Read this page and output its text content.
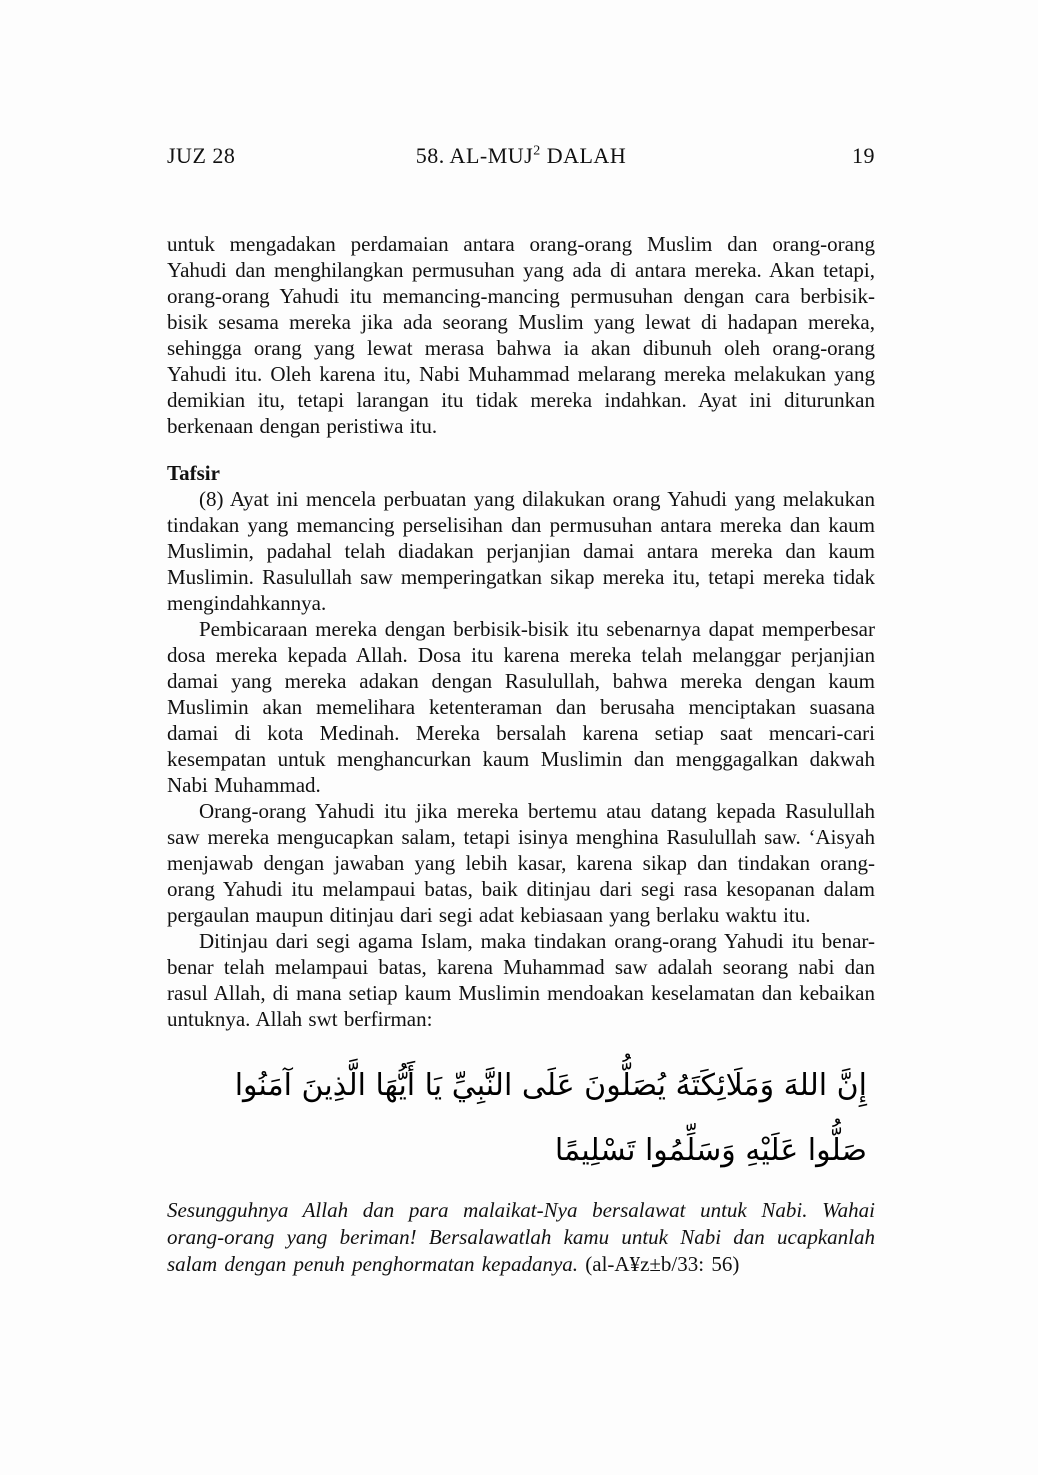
JUZ 28	58. AL-MUJ$^2$ DALAH	19

untuk mengadakan perdamaian antara orang-orang Muslim dan orang-orang Yahudi dan menghilangkan permusuhan yang ada di antara mereka. Akan tetapi, orang-orang Yahudi itu memancing-mancing permusuhan dengan cara berbisik-bisik sesama mereka jika ada seorang Muslim yang lewat di hadapan mereka, sehingga orang yang lewat merasa bahwa ia akan dibunuh oleh orang-orang Yahudi itu. Oleh karena itu, Nabi Muhammad melarang mereka melakukan yang demikian itu, tetapi larangan itu tidak mereka indahkan. Ayat ini diturunkan berkenaan dengan peristiwa itu.

Tafsir

(8) Ayat ini mencela perbuatan yang dilakukan orang Yahudi yang melakukan tindakan yang memancing perselisihan dan permusuhan antara mereka dan kaum Muslimin, padahal telah diadakan perjanjian damai antara mereka dan kaum Muslimin. Rasulullah saw memperingatkan sikap mereka itu, tetapi mereka tidak mengindahkannya.

Pembicaraan mereka dengan berbisik-bisik itu sebenarnya dapat memperbesar dosa mereka kepada Allah. Dosa itu karena mereka telah melanggar perjanjian damai yang mereka adakan dengan Rasulullah, bahwa mereka dengan kaum Muslimin akan memelihara ketenteraman dan berusaha menciptakan suasana damai di kota Medinah. Mereka bersalah karena setiap saat mencari-cari kesempatan untuk menghancurkan kaum Muslimin dan menggagalkan dakwah Nabi Muhammad.

Orang-orang Yahudi itu jika mereka bertemu atau datang kepada Rasulullah saw mereka mengucapkan salam, tetapi isinya menghina Rasulullah saw. ‘Aisyah menjawab dengan jawaban yang lebih kasar, karena sikap dan tindakan orang-orang Yahudi itu melampaui batas, baik ditinjau dari segi rasa kesopanan dalam pergaulan maupun ditinjau dari segi adat kebiasaan yang berlaku waktu itu.

Ditinjau dari segi agama Islam, maka tindakan orang-orang Yahudi itu benar-benar telah melampaui batas, karena Muhammad saw adalah seorang nabi dan rasul Allah, di mana setiap kaum Muslimin mendoakan keselamatan dan kebaikan untuknya. Allah swt berfirman:

إِنَّ اللهَ وَمَلَائِكَتَهُ يُصَلُّونَ عَلَى النَّبِيِّ يَا أَيُّهَا الَّذِينَ آمَنُوا صَلُّوا عَلَيْهِ وَسَلِّمُوا تَسْلِيمًا

Sesungguhnya Allah dan para malaikat-Nya bersalawat untuk Nabi. Wahai orang-orang yang beriman! Bersalawatlah kamu untuk Nabi dan ucapkanlah salam dengan penuh penghormatan kepadanya. (al-A¥z±b/33: 56)
